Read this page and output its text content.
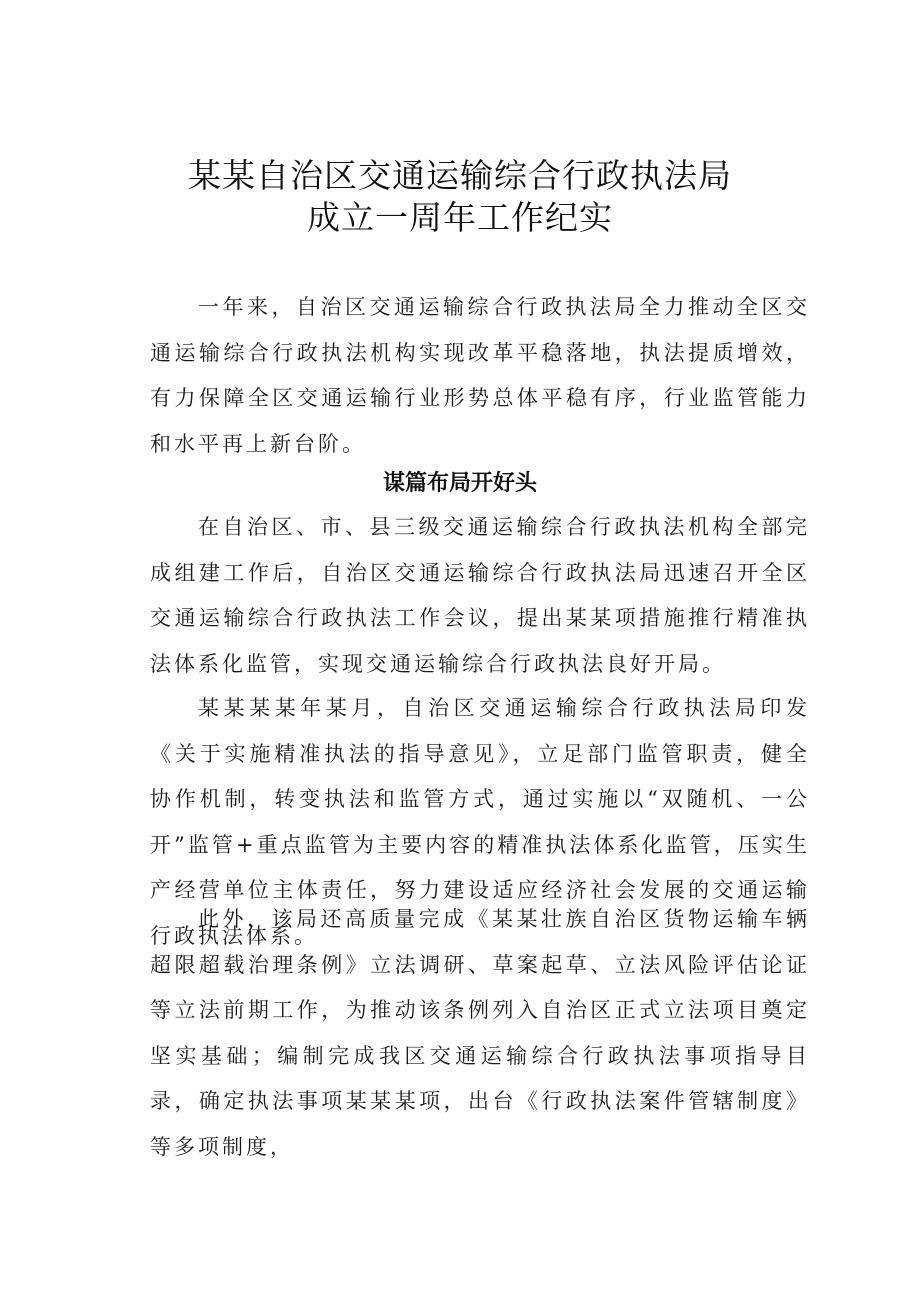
某某自治区交通运输综合行政执法局
成立一周年工作纪实
一年来，自治区交通运输综合行政执法局全力推动全区交通运输综合行政执法机构实现改革平稳落地，执法提质增效，有力保障全区交通运输行业形势总体平稳有序，行业监管能力和水平再上新台阶。
谋篇布局开好头
在自治区、市、县三级交通运输综合行政执法机构全部完成组建工作后，自治区交通运输综合行政执法局迅速召开全区交通运输综合行政执法工作会议，提出某某项措施推行精准执法体系化监管，实现交通运输综合行政执法良好开局。
某某某某年某月，自治区交通运输综合行政执法局印发《关于实施精准执法的指导意见》，立足部门监管职责，健全协作机制，转变执法和监管方式，通过实施以“双随机、一公开”监管+重点监管为主要内容的精准执法体系化监管，压实生产经营单位主体责任，努力建设适应经济社会发展的交通运输行政执法体系。
此外，该局还高质量完成《某某壮族自治区货物运输车辆超限超载治理条例》立法调研、草案起草、立法风险评估论证等立法前期工作，为推动该条例列入自治区正式立法项目奠定坚实基础；编制完成我区交通运输综合行政执法事项指导目录，确定执法事项某某某项，出台《行政执法案件管辖制度》等多项制度，
